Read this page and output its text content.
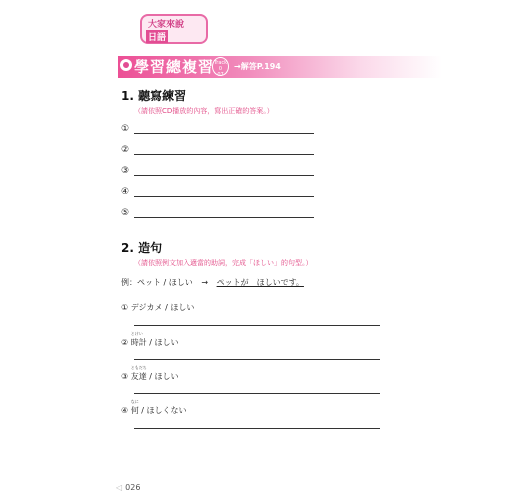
大家來說
日語
學習總複習 Track
0
07
→解答P.194
1. 聽寫練習
（請依照CD播放的內容，寫出正確的答案。）
①
②
③
④
⑤
2. 造句
（請依照例文加入適當的助詞，完成「ほしい」的句型。）
例：ペット / ほしい → ペットが　ほしいです。
① デジカメ / ほしい
②
とけい
時計 / ほしい
③
ともだち
友達 / ほしい
④
なに
何 / ほしくない
◁ 026
